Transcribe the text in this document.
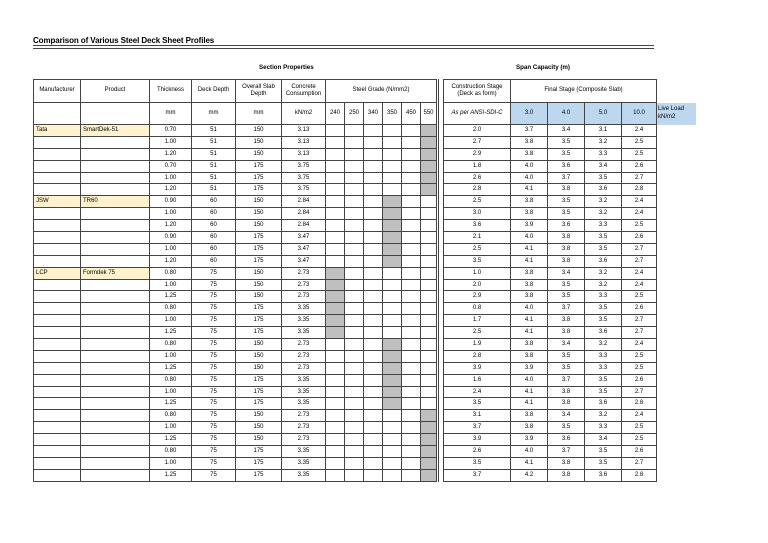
Comparison of Various Steel Deck Sheet Profiles
Section Properties	Span Capacity (m)
Manufacturer	Product	Thickness	Deck Depth	Overall Slab Depth	Concrete Consumption	Steel Grade (N/mm2)							Construction Stage (Deck as form)	Final Stage (Composite Slab)				
		mm	mm	mm	kN/m2	240	250	340	350	450	550		As per ANSI-SDI-C	3.0	4.0	5.0	10.0	Live Load kN/m2
Tata	SmartDek-51	0.70	51	150	3.13								2.0	3.7	3.4	3.1	2.4	
		1.00	51	150	3.13								2.7	3.8	3.5	3.2	2.5	
		1.20	51	150	3.13								2.9	3.8	3.5	3.3	2.5	
		0.70	51	175	3.75								1.8	4.0	3.6	3.4	2.6	
		1.00	51	175	3.75								2.6	4.0	3.7	3.5	2.7	
		1.20	51	175	3.75								2.8	4.1	3.8	3.6	2.8	
JSW	TR60	0.90	60	150	2.84								2.5	3.8	3.5	3.2	2.4	
		1.00	60	150	2.84								3.0	3.8	3.5	3.2	2.4	
		1.20	60	150	2.84								3.6	3.9	3.6	3.3	2.5	
		0.90	60	175	3.47								2.1	4.0	3.8	3.5	2.6	
		1.00	60	175	3.47								2.5	4.1	3.8	3.5	2.7	
		1.20	60	175	3.47								3.5	4.1	3.8	3.6	2.7	
LCP	Formdek 75	0.80	75	150	2.73								1.0	3.8	3.4	3.2	2.4	
		1.00	75	150	2.73								2.0	3.8	3.5	3.2	2.4	
		1.25	75	150	2.73								2.9	3.8	3.5	3.3	2.5	
		0.80	75	175	3.35								0.8	4.0	3.7	3.5	2.6	
		1.00	75	175	3.35								1.7	4.1	3.8	3.5	2.7	
		1.25	75	175	3.35								2.5	4.1	3.8	3.6	2.7	
		0.80	75	150	2.73								1.9	3.8	3.4	3.2	2.4	
		1.00	75	150	2.73								2.8	3.8	3.5	3.3	2.5	
		1.25	75	150	2.73								3.9	3.9	3.5	3.3	2.5	
		0.80	75	175	3.35								1.6	4.0	3.7	3.5	2.6	
		1.00	75	175	3.35								2.4	4.1	3.8	3.5	2.7	
		1.25	75	175	3.35								3.5	4.1	3.8	3.6	2.8	
		0.80	75	150	2.73								3.1	3.8	3.4	3.2	2.4	
		1.00	75	150	2.73								3.7	3.8	3.5	3.3	2.5	
		1.25	75	150	2.73								3.9	3.9	3.6	3.4	2.5	
		0.80	75	175	3.35								2.6	4.0	3.7	3.5	2.6	
		1.00	75	175	3.35								3.5	4.1	3.8	3.5	2.7	
		1.25	75	175	3.35								3.7	4.2	3.8	3.6	2.8	
